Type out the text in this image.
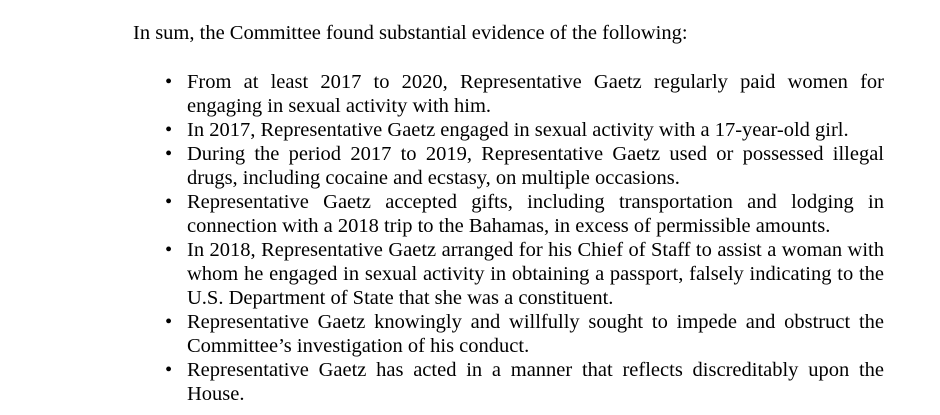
In sum, the Committee found substantial evidence of the following:

• From at least 2017 to 2020, Representative Gaetz regularly paid women for engaging in sexual activity with him.
• In 2017, Representative Gaetz engaged in sexual activity with a 17-year-old girl.
• During the period 2017 to 2019, Representative Gaetz used or possessed illegal drugs, including cocaine and ecstasy, on multiple occasions.
• Representative Gaetz accepted gifts, including transportation and lodging in connection with a 2018 trip to the Bahamas, in excess of permissible amounts.
• In 2018, Representative Gaetz arranged for his Chief of Staff to assist a woman with whom he engaged in sexual activity in obtaining a passport, falsely indicating to the U.S. Department of State that she was a constituent.
• Representative Gaetz knowingly and willfully sought to impede and obstruct the Committee’s investigation of his conduct.
• Representative Gaetz has acted in a manner that reflects discreditably upon the House.
